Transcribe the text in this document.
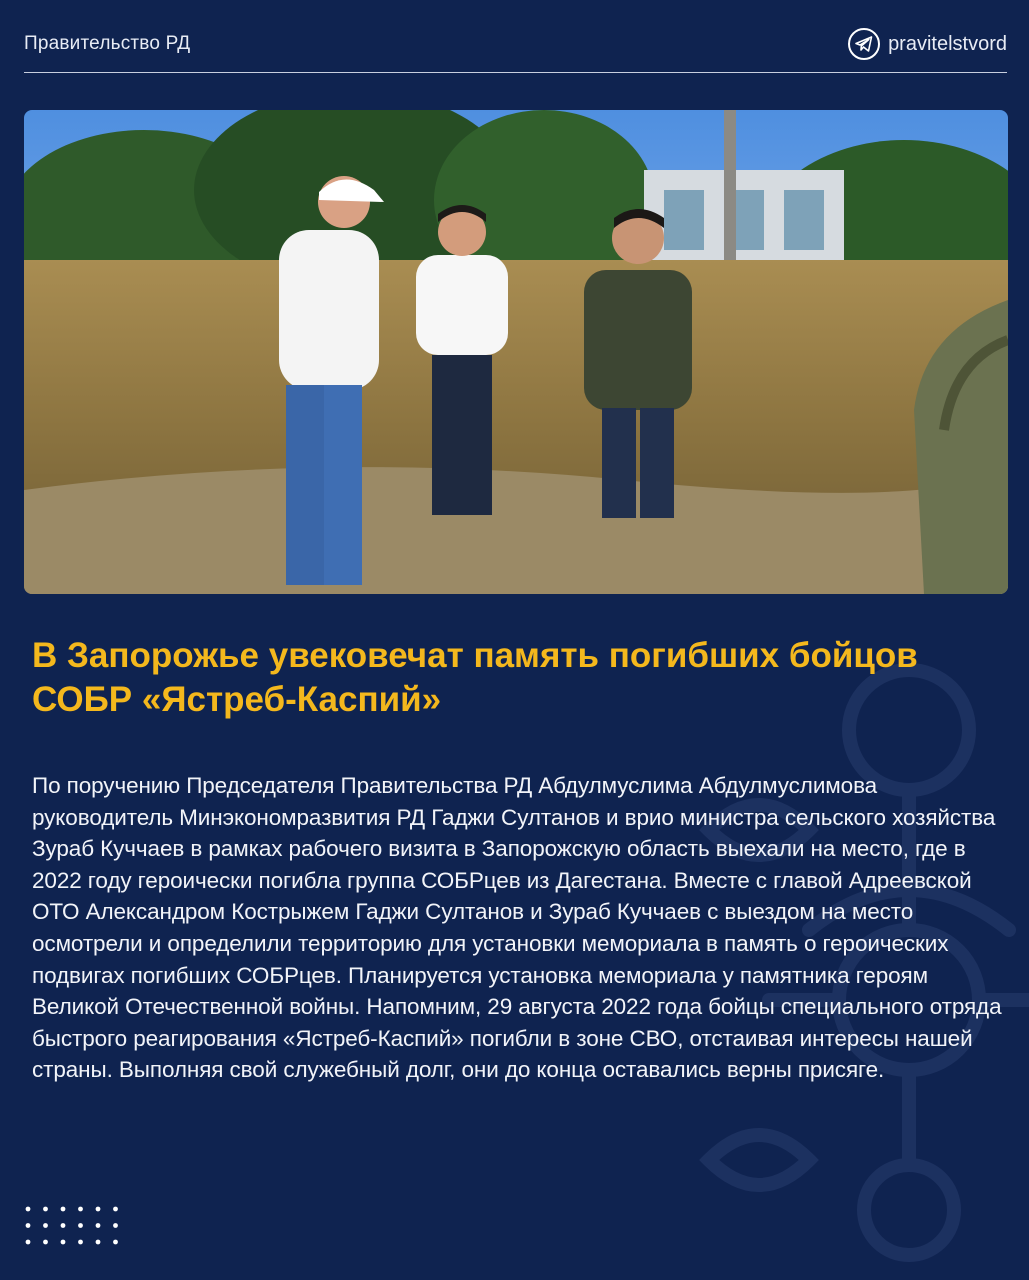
Правительство РД	pravitelstvord
В Запорожье увековечат память погибших бойцов СОБР «Ястреб-Каспий»

По поручению Председателя Правительства РД Абдулмуслима Абдулмуслимова руководитель Минэкономразвития РД Гаджи Султанов и врио министра сельского хозяйства Зураб Куччаев в рамках рабочего визита в Запорожскую область выехали на место, где в 2022 году героически погибла группа СОБРцев из Дагестана. Вместе с главой Адреевской ОТО Александром Кострыжем Гаджи Султанов и Зураб Куччаев с выездом на место осмотрели и определили территорию для установки мемориала в память о героических подвигах погибших СОБРцев. Планируется установка мемориала у памятника героям Великой Отечественной войны. Напомним, 29 августа 2022 года бойцы специального отряда быстрого реагирования «Ястреб-Каспий» погибли в зоне СВО, отстаивая интересы нашей страны. Выполняя свой служебный долг, они до конца оставались верны присяге.
